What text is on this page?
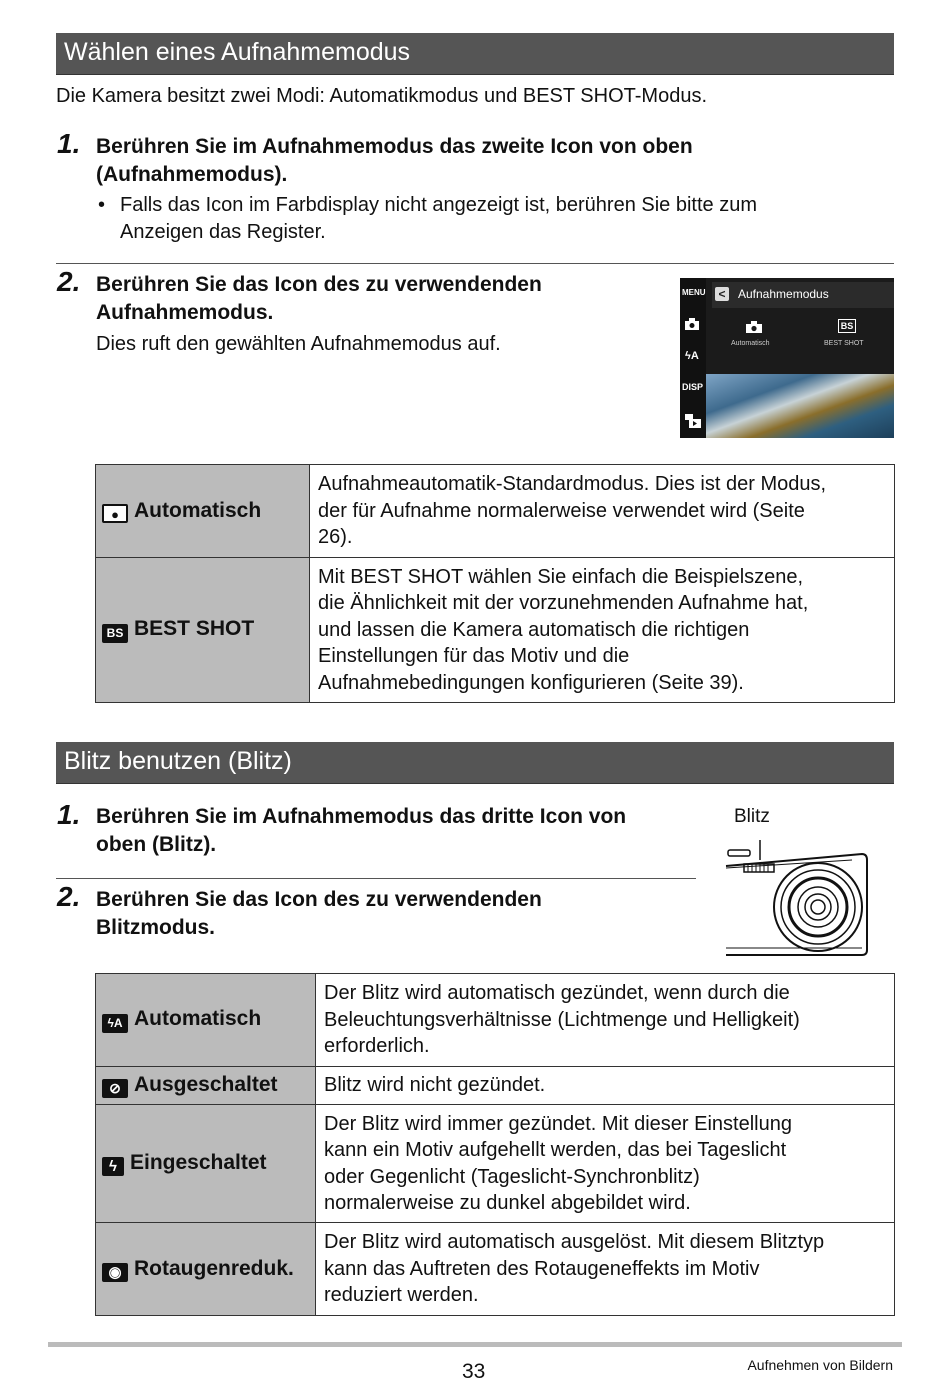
Wählen eines Aufnahmemodus
Die Kamera besitzt zwei Modi: Automatikmodus und BEST SHOT-Modus.
1. Berühren Sie im Aufnahmemodus das zweite Icon von oben
(Aufnahmemodus).
• Falls das Icon im Farbdisplay nicht angezeigt ist, berühren Sie bitte zum
Anzeigen das Register.
2. Berühren Sie das Icon des zu verwendenden
Aufnahmemodus.
Dies ruft den gewählten Aufnahmemodus auf.
MENU
ϟA
DISP
< Aufnahmemodus
BS
Automatisch	BEST SHOT
● Automatisch	Aufnahmeautomatik-Standardmodus. Dies ist der Modus,
der für Aufnahme normalerweise verwendet wird (Seite
26).

BS BEST SHOT	Mit BEST SHOT wählen Sie einfach die Beispielszene,
die Ähnlichkeit mit der vorzunehmenden Aufnahme hat,
und lassen die Kamera automatisch die richtigen
Einstellungen für das Motiv und die
Aufnahmebedingungen konfigurieren (Seite 39).
Blitz benutzen (Blitz)
1. Berühren Sie im Aufnahmemodus das dritte Icon von
oben (Blitz).
2. Berühren Sie das Icon des zu verwendenden
Blitzmodus.
Blitz
ϟA Automatisch	Der Blitz wird automatisch gezündet, wenn durch die
Beleuchtungsverhältnisse (Lichtmenge und Helligkeit)
erforderlich.

⊘ Ausgeschaltet	Blitz wird nicht gezündet.

ϟ Eingeschaltet	Der Blitz wird immer gezündet. Mit dieser Einstellung
kann ein Motiv aufgehellt werden, das bei Tageslicht
oder Gegenlicht (Tageslicht-Synchronblitz)
normalerweise zu dunkel abgebildet wird.

◉ Rotaugenreduk.	Der Blitz wird automatisch ausgelöst. Mit diesem Blitztyp
kann das Auftreten des Rotaugeneffekts im Motiv
reduziert werden.
33	Aufnehmen von Bildern
